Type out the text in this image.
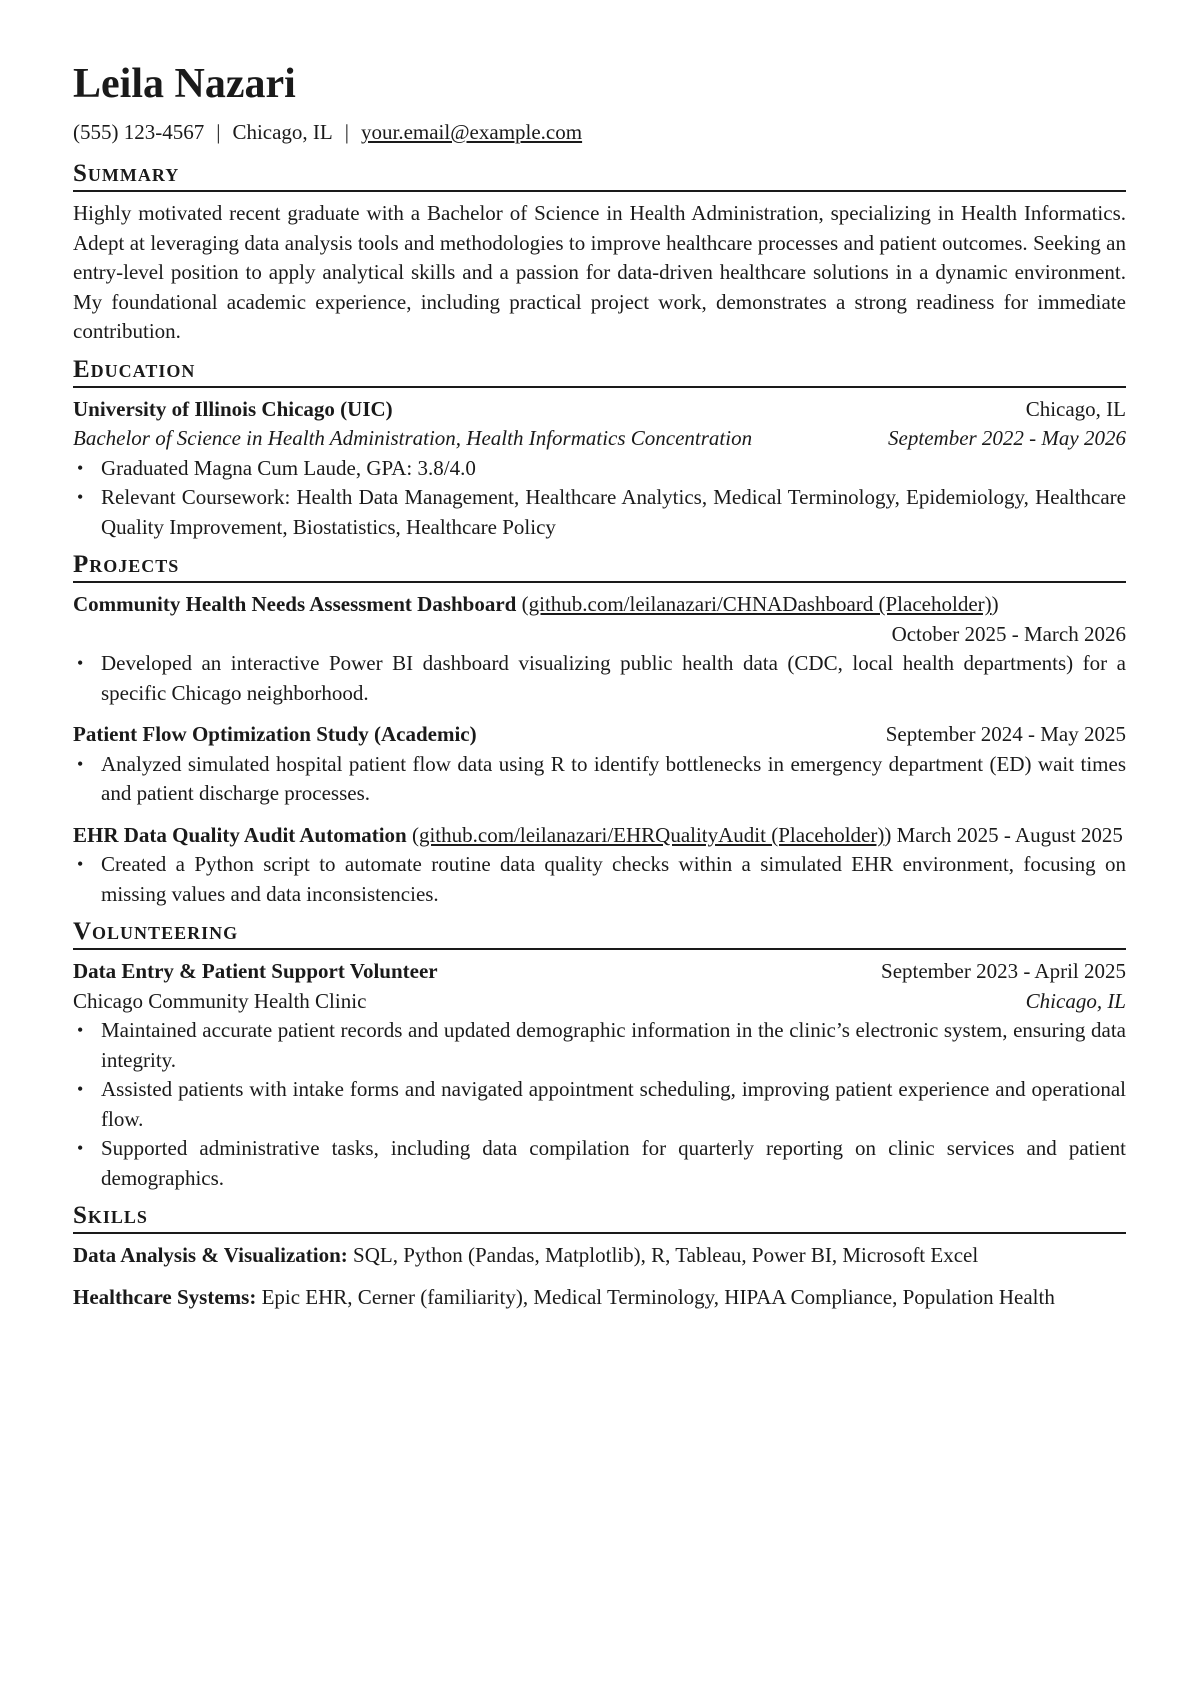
Leila Nazari
(555) 123-4567 | Chicago, IL | your.email@example.com
Summary

Highly motivated recent graduate with a Bachelor of Science in Health Administration, specializing in Health Informatics. Adept at leveraging data analysis tools and methodologies to improve healthcare processes and patient outcomes. Seeking an entry-level position to apply analytical skills and a passion for data-driven healthcare solutions in a dynamic environment. My foundational academic experience, including practical project work, demonstrates a strong readiness for immediate contribution.

Education
University of Illinois Chicago (UIC)	Chicago, IL
Bachelor of Science in Health Administration, Health Informatics Concentration	September 2022 - May 2026
• Graduated Magna Cum Laude, GPA: 3.8/4.0
• Relevant Coursework: Health Data Management, Healthcare Analytics, Medical Terminology, Epidemiology, Healthcare Quality Improvement, Biostatistics, Healthcare Policy
Projects
Community Health Needs Assessment Dashboard (github.com/leilanazari/CHNADashboard (Placeholder))
October 2025 - March 2026
• Developed an interactive Power BI dashboard visualizing public health data (CDC, local health departments) for a specific Chicago neighborhood.
Patient Flow Optimization Study (Academic)	September 2024 - May 2025
• Analyzed simulated hospital patient flow data using R to identify bottlenecks in emergency department (ED) wait times and patient discharge processes.
EHR Data Quality Audit Automation (github.com/leilanazari/EHRQualityAudit (Placeholder)) March 2025 - August 2025
• Created a Python script to automate routine data quality checks within a simulated EHR environment, focusing on missing values and data inconsistencies.
Volunteering
Data Entry & Patient Support Volunteer	September 2023 - April 2025
Chicago Community Health Clinic	Chicago, IL
• Maintained accurate patient records and updated demographic information in the clinic’s electronic system, ensuring data integrity.
• Assisted patients with intake forms and navigated appointment scheduling, improving patient experience and operational flow.
• Supported administrative tasks, including data compilation for quarterly reporting on clinic services and patient demographics.
Skills

Data Analysis & Visualization: SQL, Python (Pandas, Matplotlib), R, Tableau, Power BI, Microsoft Excel

Healthcare Systems: Epic EHR, Cerner (familiarity), Medical Terminology, HIPAA Compliance, Population Health
